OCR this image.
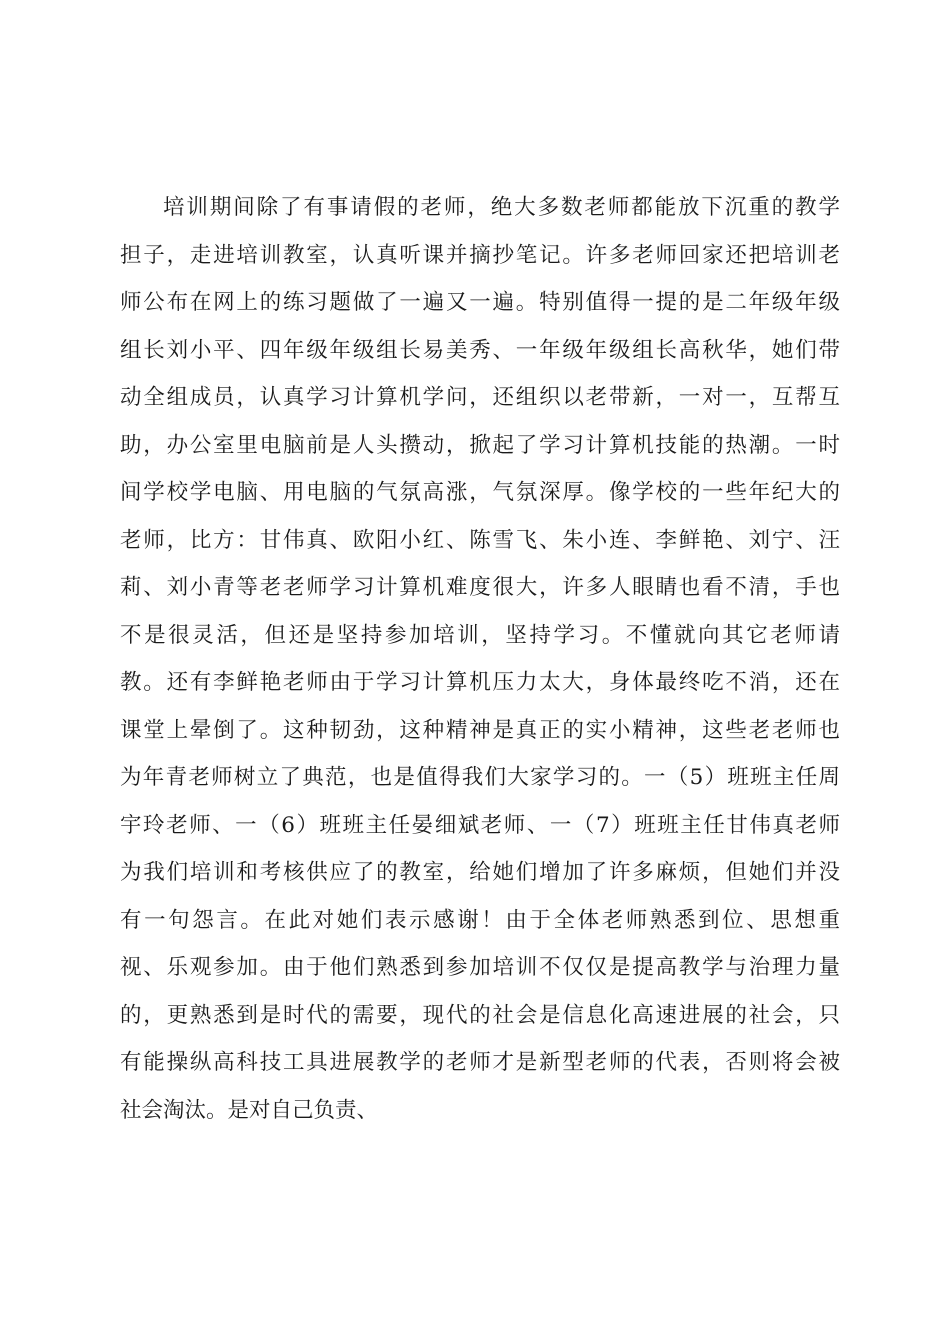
培训期间除了有事请假的老师，绝大多数老师都能放下沉重的教学
担子，走进培训教室，认真听课并摘抄笔记。许多老师回家还把培训老
师公布在网上的练习题做了一遍又一遍。特别值得一提的是二年级年级
组长刘小平、四年级年级组长易美秀、一年级年级组长高秋华，她们带
动全组成员，认真学习计算机学问，还组织以老带新，一对一，互帮互
助，办公室里电脑前是人头攒动，掀起了学习计算机技能的热潮。一时
间学校学电脑、用电脑的气氛高涨，气氛深厚。像学校的一些年纪大的
老师，比方：甘伟真、欧阳小红、陈雪飞、朱小连、李鲜艳、刘宁、汪
莉、刘小青等老老师学习计算机难度很大，许多人眼睛也看不清，手也
不是很灵活，但还是坚持参加培训，坚持学习。不懂就向其它老师请
教。还有李鲜艳老师由于学习计算机压力太大，身体最终吃不消，还在
课堂上晕倒了。这种韧劲，这种精神是真正的实小精神，这些老老师也
为年青老师树立了典范，也是值得我们大家学习的。一（5）班班主任周
宇玲老师、一（6）班班主任晏细斌老师、一（7）班班主任甘伟真老师
为我们培训和考核供应了的教室，给她们增加了许多麻烦，但她们并没
有一句怨言。在此对她们表示感谢！由于全体老师熟悉到位、思想重
视、乐观参加。由于他们熟悉到参加培训不仅仅是提高教学与治理力量
的，更熟悉到是时代的需要，现代的社会是信息化高速进展的社会，只
有能操纵高科技工具进展教学的老师才是新型老师的代表，否则将会被
社会淘汰。是对自己负责、
